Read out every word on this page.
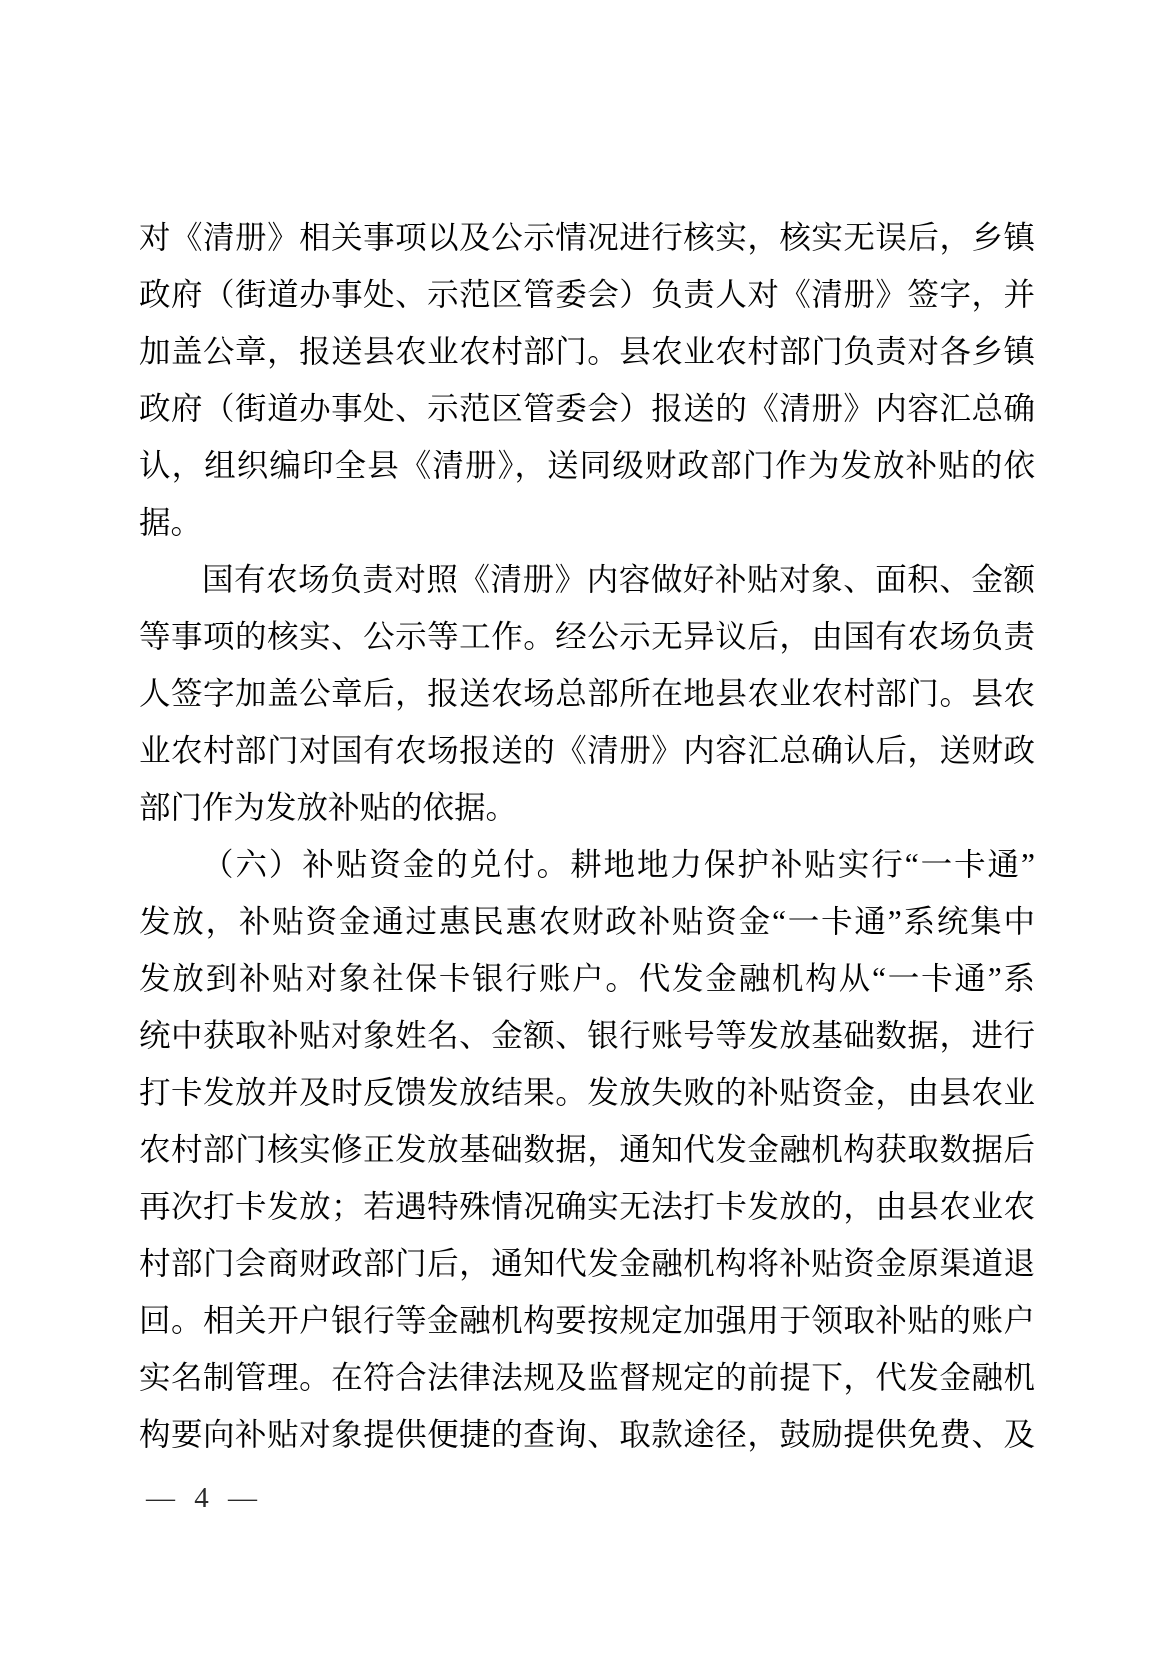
对《清册》相关事项以及公示情况进行核实，核实无误后，乡镇
政府（街道办事处、示范区管委会）负责人对《清册》签字，并
加盖公章，报送县农业农村部门。县农业农村部门负责对各乡镇
政府（街道办事处、示范区管委会）报送的《清册》内容汇总确
认，组织编印全县《清册》，送同级财政部门作为发放补贴的依
据。
国有农场负责对照《清册》内容做好补贴对象、面积、金额
等事项的核实、公示等工作。经公示无异议后，由国有农场负责
人签字加盖公章后，报送农场总部所在地县农业农村部门。县农
业农村部门对国有农场报送的《清册》内容汇总确认后，送财政
部门作为发放补贴的依据。
（六）补贴资金的兑付。耕地地力保护补贴实行“一卡通”
发放，补贴资金通过惠民惠农财政补贴资金“一卡通”系统集中
发放到补贴对象社保卡银行账户。代发金融机构从“一卡通”系
统中获取补贴对象姓名、金额、银行账号等发放基础数据，进行
打卡发放并及时反馈发放结果。发放失败的补贴资金，由县农业
农村部门核实修正发放基础数据，通知代发金融机构获取数据后
再次打卡发放；若遇特殊情况确实无法打卡发放的，由县农业农
村部门会商财政部门后，通知代发金融机构将补贴资金原渠道退
回。相关开户银行等金融机构要按规定加强用于领取补贴的账户
实名制管理。在符合法律法规及监督规定的前提下，代发金融机
构要向补贴对象提供便捷的查询、取款途径，鼓励提供免费、及
— 4 —
